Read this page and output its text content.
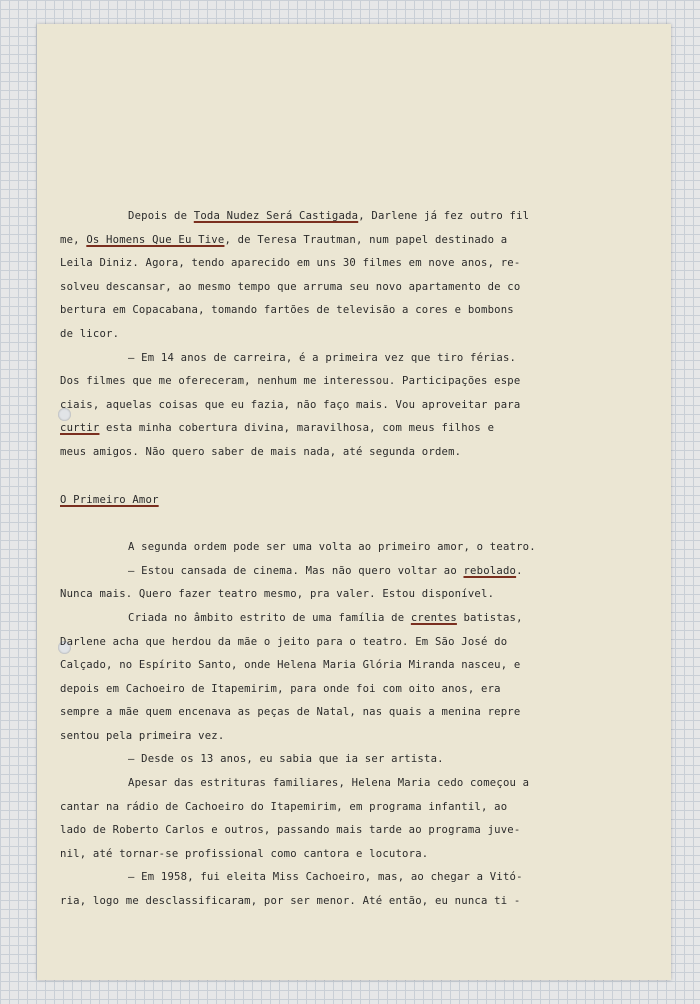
Depois de Toda Nudez Será Castigada, Darlene já fez outro fil
me, Os Homens Que Eu Tive, de Teresa Trautman, num papel destinado a
Leila Diniz. Agora, tendo aparecido em uns 30 filmes em nove anos, re-
solveu descansar, ao mesmo tempo que arruma seu novo apartamento de co
bertura em Copacabana, tomando fartões de televisão a cores e bombons
de licor.
— Em 14 anos de carreira, é a primeira vez que tiro férias.
Dos filmes que me ofereceram, nenhum me interessou. Participações espe
ciais, aquelas coisas que eu fazia, não faço mais. Vou aproveitar para
curtir esta minha cobertura divina, maravilhosa, com meus filhos e
meus amigos. Não quero saber de mais nada, até segunda ordem.
O Primeiro Amor
A segunda ordem pode ser uma volta ao primeiro amor, o teatro.
— Estou cansada de cinema. Mas não quero voltar ao rebolado.
Nunca mais. Quero fazer teatro mesmo, pra valer. Estou disponível.
Criada no âmbito estrito de uma família de crentes batistas,
Darlene acha que herdou da mãe o jeito para o teatro. Em São José do
Calçado, no Espírito Santo, onde Helena Maria Glória Miranda nasceu, e
depois em Cachoeiro de Itapemirim, para onde foi com oito anos, era
sempre a mãe quem encenava as peças de Natal, nas quais a menina repre
sentou pela primeira vez.
— Desde os 13 anos, eu sabia que ia ser artista.
Apesar das estrituras familiares, Helena Maria cedo começou a
cantar na rádio de Cachoeiro do Itapemirim, em programa infantil, ao
lado de Roberto Carlos e outros, passando mais tarde ao programa juve-
nil, até tornar-se profissional como cantora e locutora.
— Em 1958, fui eleita Miss Cachoeiro, mas, ao chegar a Vitó-
ria, logo me desclassificaram, por ser menor. Até então, eu nunca ti -
